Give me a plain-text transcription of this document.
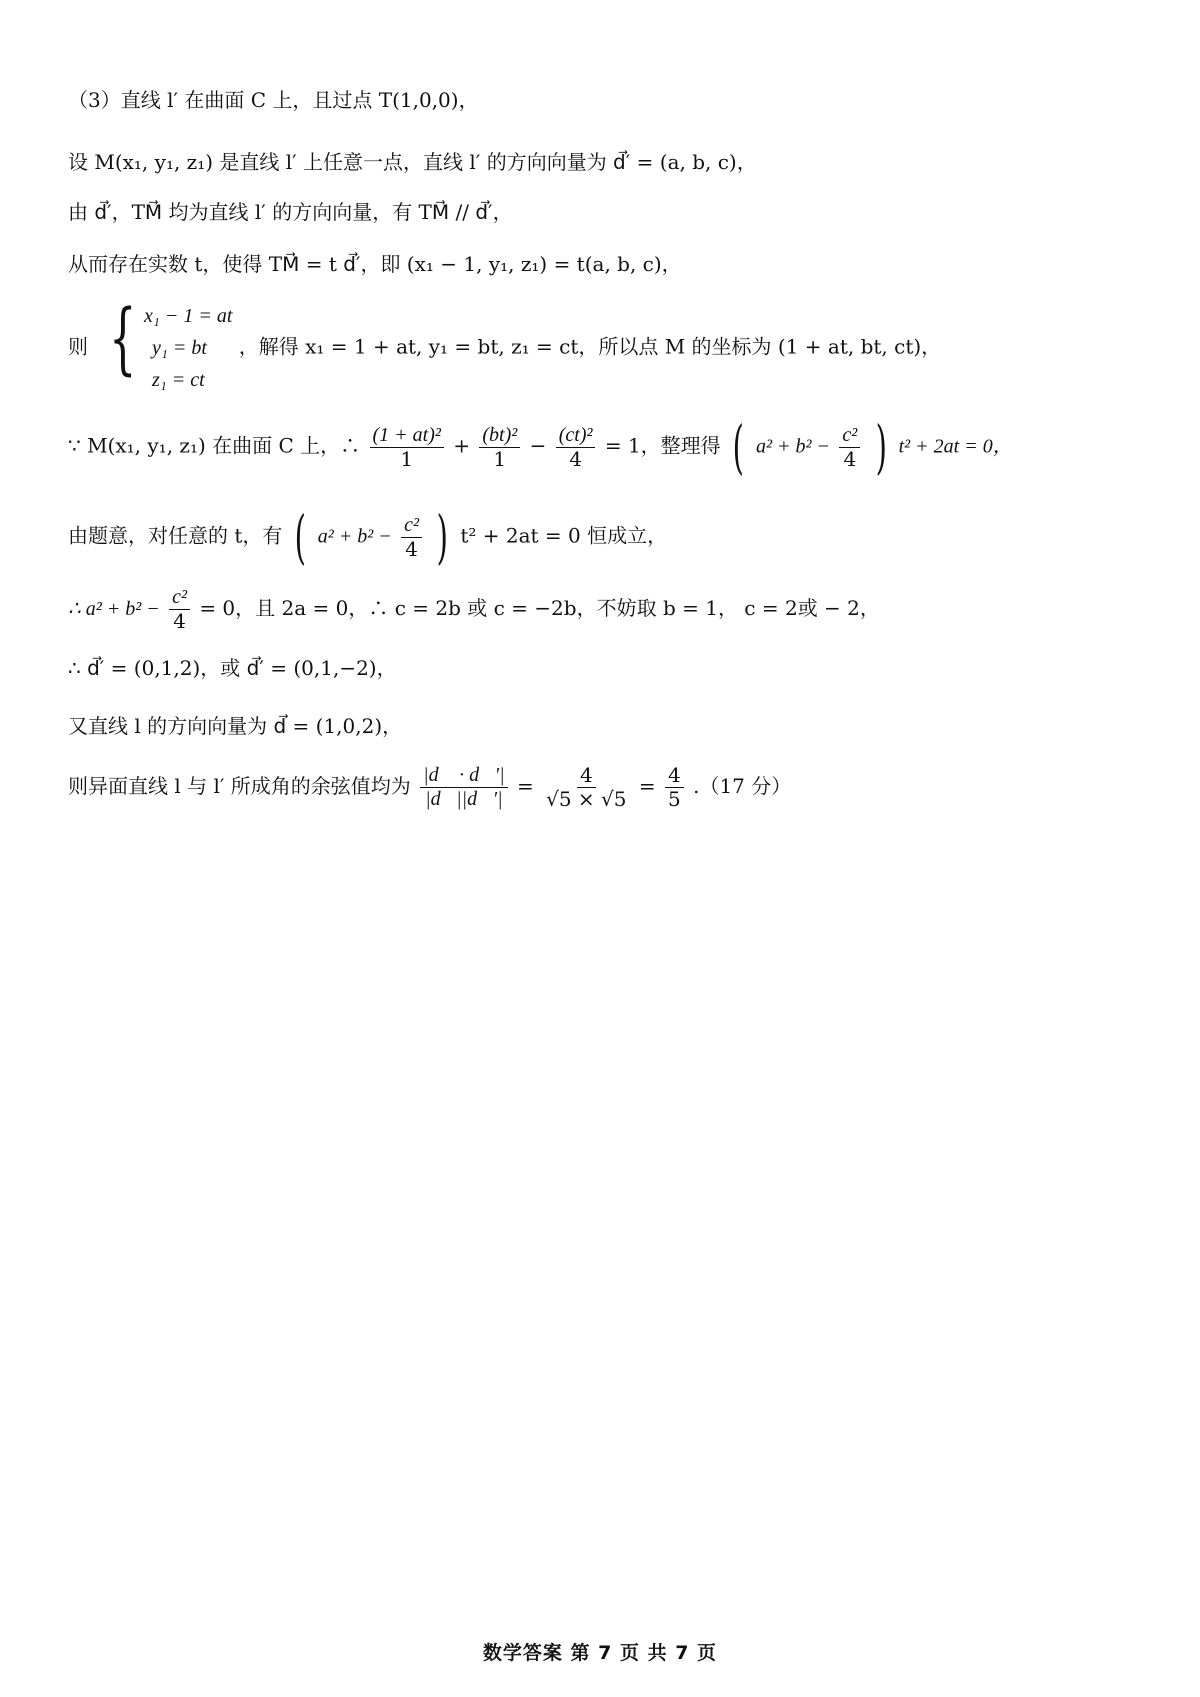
（3）直线 l′ 在曲面 C 上，且过点 T(1,0,0)，
设 M(x₁, y₁, z₁) 是直线 l′ 上任意一点，直线 l′ 的方向向量为 d⃗′ = (a, b, c)，
由 d⃗′，TM⃗ 均为直线 l′ 的方向向量，有 TM⃗ // d⃗′，
从而存在实数 t，使得 TM⃗ = t d⃗′，即 (x₁ − 1, y₁, z₁) = t(a, b, c)，
则 { x₁ − 1 = at
y₁ = bt
z₁ = ct
，解得 x₁ = 1 + at, y₁ = bt, z₁ = ct，所以点 M 的坐标为 (1 + at, bt, ct)，
∵ M(x₁, y₁, z₁) 在曲面 C 上，∴ $\frac{\text{(1 + at)²}}{1} + \frac{\text{(bt)²}}{1} - \frac{\text{(ct)²}}{4} = 1$，整理得 ( $a^2 + b^2 - \frac{\text{c²}}{4}$ ) t² + 2at = 0，
由题意，对任意的 t，有 ( $a^2 + b^2 - \frac{\text{c²}}{4}$ ) t² + 2at = 0 恒成立，
∴ $a^2 + b^2 - \frac{\text{c²}}{4} = 0$，且 2a = 0，∴ c = 2b 或 c = −2b，不妨取 b = 1， c = 2或 − 2，
∴ d⃗′ = (0,1,2)，或 d⃗′ = (0,1,−2)，
又直线 l 的方向向量为 d⃗ = (1,0,2)，
则异面直线 l 与 l′ 所成角的余弦值均为 $\frac{|d⃗ \cdot d⃗'|}{|d⃗||d⃗'|} = \frac{4}{√5 \times √5} = \frac{4}{5} .(17$ 分）
数学答案 第 7 页 共 7 页
